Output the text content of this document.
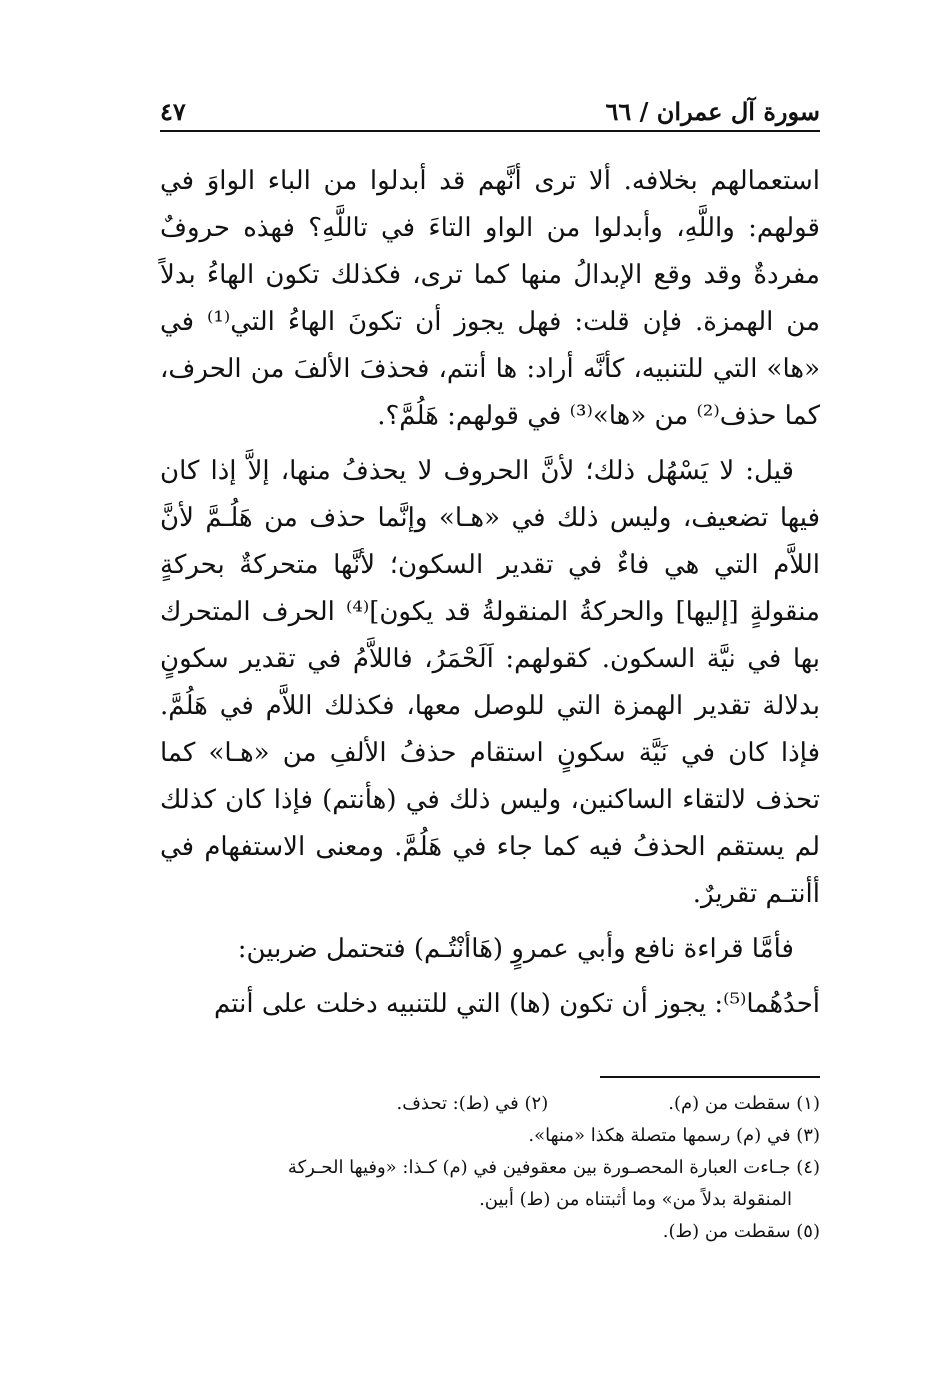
سورة آل عمران / ٦٦
٤٧

استعمالهم بخلافه. ألا ترى أنَّهم قد أبدلوا من الباء الواوَ في قولهم: واللَّهِ، وأبدلوا من الواو التاءَ في تاللَّهِ؟ فهذه حروفٌ مفردةٌ وقد وقع الإبدالُ منها كما ترى، فكذلك تكون الهاءُ بدلاً من الهمزة. فإن قلت: فهل يجوز أن تكونَ الهاءُ التي⁽¹⁾ في «ها» التي للتنبيه، كأنَّه أراد: ها أنتم، فحذفَ الألفَ من الحرف، كما حذف⁽²⁾ من «ها»⁽³⁾ في قولهم: هَلُمَّ؟.

قيل: لا يَسْهُل ذلك؛ لأنَّ الحروف لا يحذفُ منها، إلاَّ إذا كان فيها تضعيف، وليس ذلك في «هـا» وإنَّما حذف من هَلُـمَّ لأنَّ اللاَّم التي هي فاءٌ في تقدير السكون؛ لأنَّها متحركةٌ بحركةٍ منقولةٍ [إليها] والحركةُ المنقولةُ قد يكون]⁽⁴⁾ الحرف المتحرك بها في نيَّة السكون. كقولهم: اَلَحْمَرُ، فاللاَّمُ في تقدير سكونٍ بدلالة تقدير الهمزة التي للوصل معها، فكذلك اللاَّم في هَلُمَّ. فإذا كان في نَيَّة سكونٍ استقام حذفُ الألفِ من «هـا» كما تحذف لالتقاء الساكنين، وليس ذلك في (هأنتم) فإذا كان كذلك لم يستقم الحذفُ فيه كما جاء في هَلُمَّ. ومعنى الاستفهام في أأنتـم تقريرٌ.

فأمَّا قراءة نافع وأبي عمروٍ (هَاأنْتُـم) فتحتمل ضربين:

أحدُهُما⁽⁵⁾: يجوز أن تكون (ها) التي للتنبيه دخلت على أنتم

(١) سقطت من (م).

(٢) في (ط): تحذف.

(٣) في (م) رسمها متصلة هكذا «منها».

(٤) جـاءت العبارة المحصـورة بين معقوفين في (م) كـذا: «وفيها الحـركة

المنقولة بدلاً من» وما أثبتناه من (ط) أبين.

(٥) سقطت من (ط).
